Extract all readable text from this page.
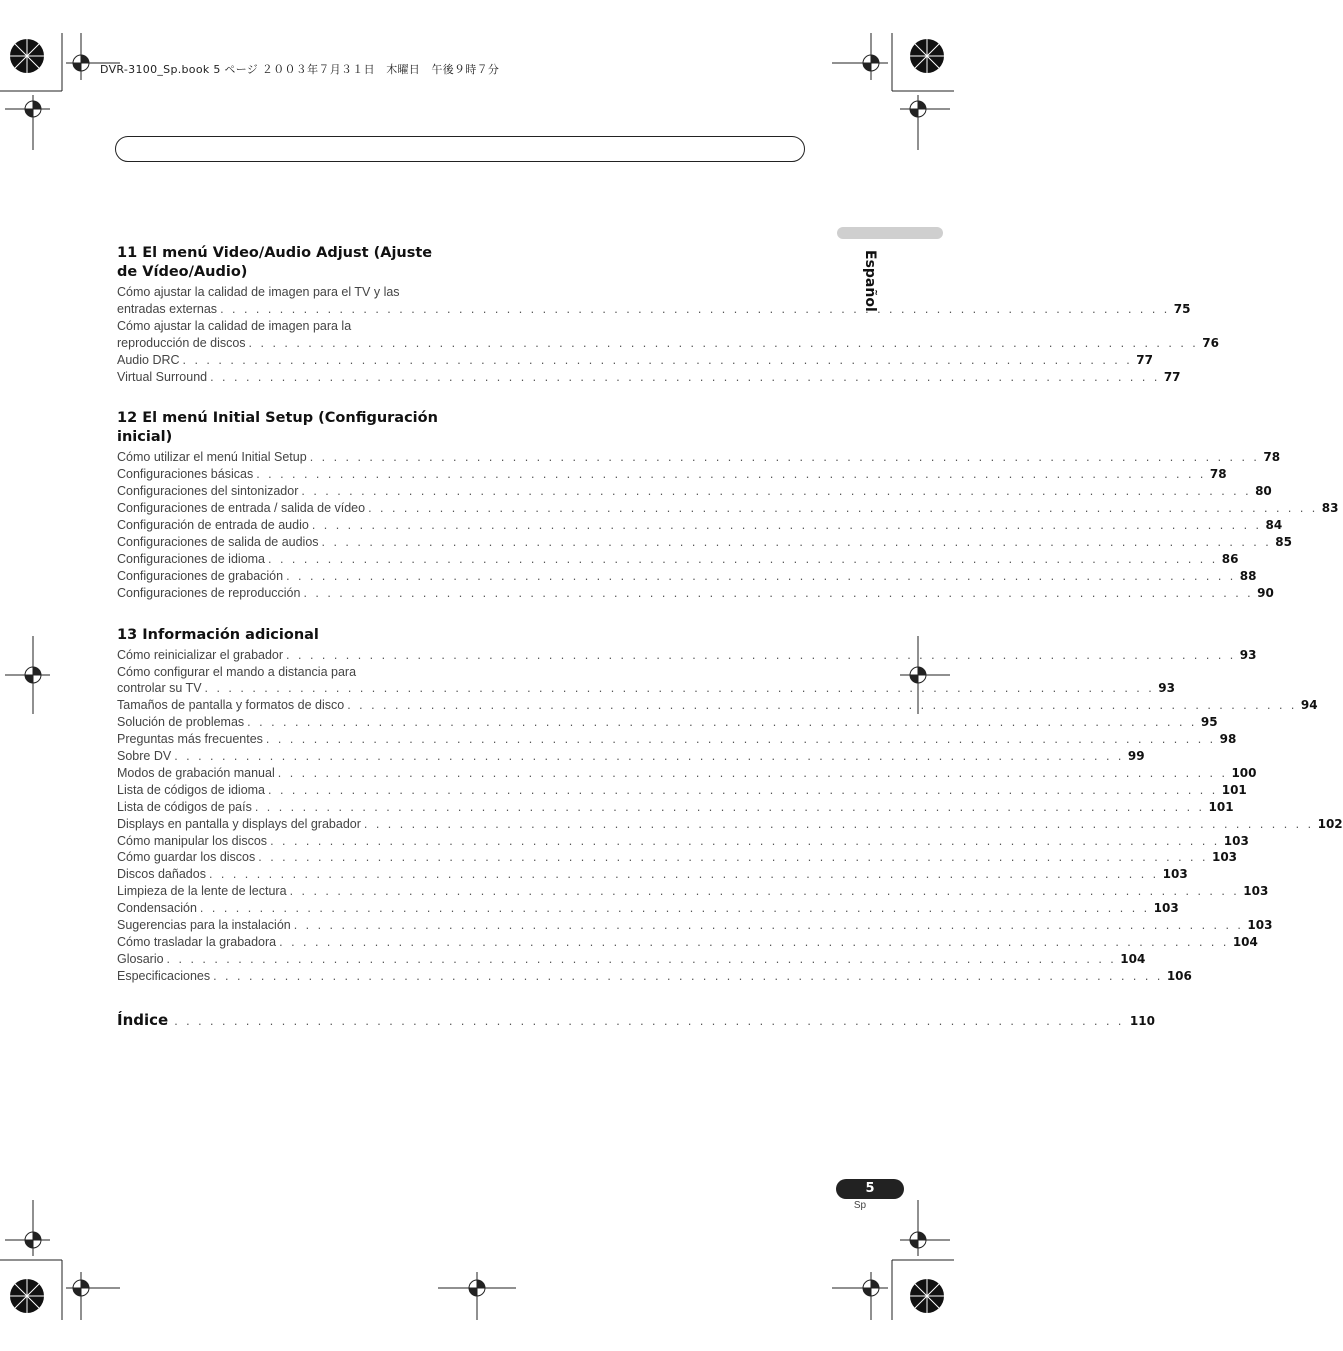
DVR-3100_Sp.book 5 ページ ２００３年７月３１日　木曜日　午後９時７分
Español
11 El menú Video/Audio Adjust (Ajuste de Vídeo/Audio)
Cómo ajustar la calidad de imagen para el TV y las
entradas externas . . . . . . . . . . . . . . . . . . . . . . . . . . . . . . . . . . . . . . . . . . . . . . . . . . . . . . . . . . . . . . . . . . . . . . . . . . . . . . . . 75
Cómo ajustar la calidad de imagen para la
reproducción de discos . . . . . . . . . . . . . . . . . . . . . . . . . . . . . . . . . . . . . . . . . . . . . . . . . . . . . . . . . . . . . . . . . . . . . . . . . . . . . . . . 76
Audio DRC . . . . . . . . . . . . . . . . . . . . . . . . . . . . . . . . . . . . . . . . . . . . . . . . . . . . . . . . . . . . . . . . . . . . . . . . . . . . . . . . 77
Virtual Surround . . . . . . . . . . . . . . . . . . . . . . . . . . . . . . . . . . . . . . . . . . . . . . . . . . . . . . . . . . . . . . . . . . . . . . . . . . . . . . . . 77
12 El menú Initial Setup (Configuración inicial)
Cómo utilizar el menú Initial Setup . . . . . . . . . . . . . . . . . . . . . . . . . . . . . . . . . . . . . . . . . . . . . . . . . . . . . . . . . . . . . . . . . . . . . . . . . . . . . . . . 78
Configuraciones básicas . . . . . . . . . . . . . . . . . . . . . . . . . . . . . . . . . . . . . . . . . . . . . . . . . . . . . . . . . . . . . . . . . . . . . . . . . . . . . . . . 78
Configuraciones del sintonizador . . . . . . . . . . . . . . . . . . . . . . . . . . . . . . . . . . . . . . . . . . . . . . . . . . . . . . . . . . . . . . . . . . . . . . . . . . . . . . . . 80
Configuraciones de entrada / salida de vídeo . . . . . . . . . . . . . . . . . . . . . . . . . . . . . . . . . . . . . . . . . . . . . . . . . . . . . . . . . . . . . . . . . . . . . . . . . . . . . . . . 83
Configuración de entrada de audio . . . . . . . . . . . . . . . . . . . . . . . . . . . . . . . . . . . . . . . . . . . . . . . . . . . . . . . . . . . . . . . . . . . . . . . . . . . . . . . . 84
Configuraciones de salida de audios . . . . . . . . . . . . . . . . . . . . . . . . . . . . . . . . . . . . . . . . . . . . . . . . . . . . . . . . . . . . . . . . . . . . . . . . . . . . . . . . 85
Configuraciones de idioma . . . . . . . . . . . . . . . . . . . . . . . . . . . . . . . . . . . . . . . . . . . . . . . . . . . . . . . . . . . . . . . . . . . . . . . . . . . . . . . . 86
Configuraciones de grabación . . . . . . . . . . . . . . . . . . . . . . . . . . . . . . . . . . . . . . . . . . . . . . . . . . . . . . . . . . . . . . . . . . . . . . . . . . . . . . . . 88
Configuraciones de reproducción . . . . . . . . . . . . . . . . . . . . . . . . . . . . . . . . . . . . . . . . . . . . . . . . . . . . . . . . . . . . . . . . . . . . . . . . . . . . . . . . 90
13 Información adicional
Cómo reinicializar el grabador . . . . . . . . . . . . . . . . . . . . . . . . . . . . . . . . . . . . . . . . . . . . . . . . . . . . . . . . . . . . . . . . . . . . . . . . . . . . . . . . 93
Cómo configurar el mando a distancia para
controlar su TV . . . . . . . . . . . . . . . . . . . . . . . . . . . . . . . . . . . . . . . . . . . . . . . . . . . . . . . . . . . . . . . . . . . . . . . . . . . . . . . . 93
Tamaños de pantalla y formatos de disco . . . . . . . . . . . . . . . . . . . . . . . . . . . . . . . . . . . . . . . . . . . . . . . . . . . . . . . . . . . . . . . . . . . . . . . . . . . . . . . . 94
Solución de problemas . . . . . . . . . . . . . . . . . . . . . . . . . . . . . . . . . . . . . . . . . . . . . . . . . . . . . . . . . . . . . . . . . . . . . . . . . . . . . . . . 95
Preguntas más frecuentes . . . . . . . . . . . . . . . . . . . . . . . . . . . . . . . . . . . . . . . . . . . . . . . . . . . . . . . . . . . . . . . . . . . . . . . . . . . . . . . . 98
Sobre DV . . . . . . . . . . . . . . . . . . . . . . . . . . . . . . . . . . . . . . . . . . . . . . . . . . . . . . . . . . . . . . . . . . . . . . . . . . . . . . . . 99
Modos de grabación manual . . . . . . . . . . . . . . . . . . . . . . . . . . . . . . . . . . . . . . . . . . . . . . . . . . . . . . . . . . . . . . . . . . . . . . . . . . . . . . . . 100
Lista de códigos de idioma . . . . . . . . . . . . . . . . . . . . . . . . . . . . . . . . . . . . . . . . . . . . . . . . . . . . . . . . . . . . . . . . . . . . . . . . . . . . . . . . 101
Lista de códigos de país . . . . . . . . . . . . . . . . . . . . . . . . . . . . . . . . . . . . . . . . . . . . . . . . . . . . . . . . . . . . . . . . . . . . . . . . . . . . . . . . 101
Displays en pantalla y displays del grabador . . . . . . . . . . . . . . . . . . . . . . . . . . . . . . . . . . . . . . . . . . . . . . . . . . . . . . . . . . . . . . . . . . . . . . . . . . . . . . . . 102
Cómo manipular los discos . . . . . . . . . . . . . . . . . . . . . . . . . . . . . . . . . . . . . . . . . . . . . . . . . . . . . . . . . . . . . . . . . . . . . . . . . . . . . . . . 103
Cómo guardar los discos . . . . . . . . . . . . . . . . . . . . . . . . . . . . . . . . . . . . . . . . . . . . . . . . . . . . . . . . . . . . . . . . . . . . . . . . . . . . . . . . 103
Discos dañados . . . . . . . . . . . . . . . . . . . . . . . . . . . . . . . . . . . . . . . . . . . . . . . . . . . . . . . . . . . . . . . . . . . . . . . . . . . . . . . . 103
Limpieza de la lente de lectura . . . . . . . . . . . . . . . . . . . . . . . . . . . . . . . . . . . . . . . . . . . . . . . . . . . . . . . . . . . . . . . . . . . . . . . . . . . . . . . . 103
Condensación . . . . . . . . . . . . . . . . . . . . . . . . . . . . . . . . . . . . . . . . . . . . . . . . . . . . . . . . . . . . . . . . . . . . . . . . . . . . . . . . 103
Sugerencias para la instalación . . . . . . . . . . . . . . . . . . . . . . . . . . . . . . . . . . . . . . . . . . . . . . . . . . . . . . . . . . . . . . . . . . . . . . . . . . . . . . . . 103
Cómo trasladar la grabadora . . . . . . . . . . . . . . . . . . . . . . . . . . . . . . . . . . . . . . . . . . . . . . . . . . . . . . . . . . . . . . . . . . . . . . . . . . . . . . . . 104
Glosario . . . . . . . . . . . . . . . . . . . . . . . . . . . . . . . . . . . . . . . . . . . . . . . . . . . . . . . . . . . . . . . . . . . . . . . . . . . . . . . . 104
Especificaciones . . . . . . . . . . . . . . . . . . . . . . . . . . . . . . . . . . . . . . . . . . . . . . . . . . . . . . . . . . . . . . . . . . . . . . . . . . . . . . . . 106
Índice . . . . . . . . . . . . . . . . . . . . . . . . . . . . . . . . . . . . . . . . . . . . . . . . . . . . . . . . . . . . . . . . . . . . . . . . . . . . . . . . 110
5
Sp
